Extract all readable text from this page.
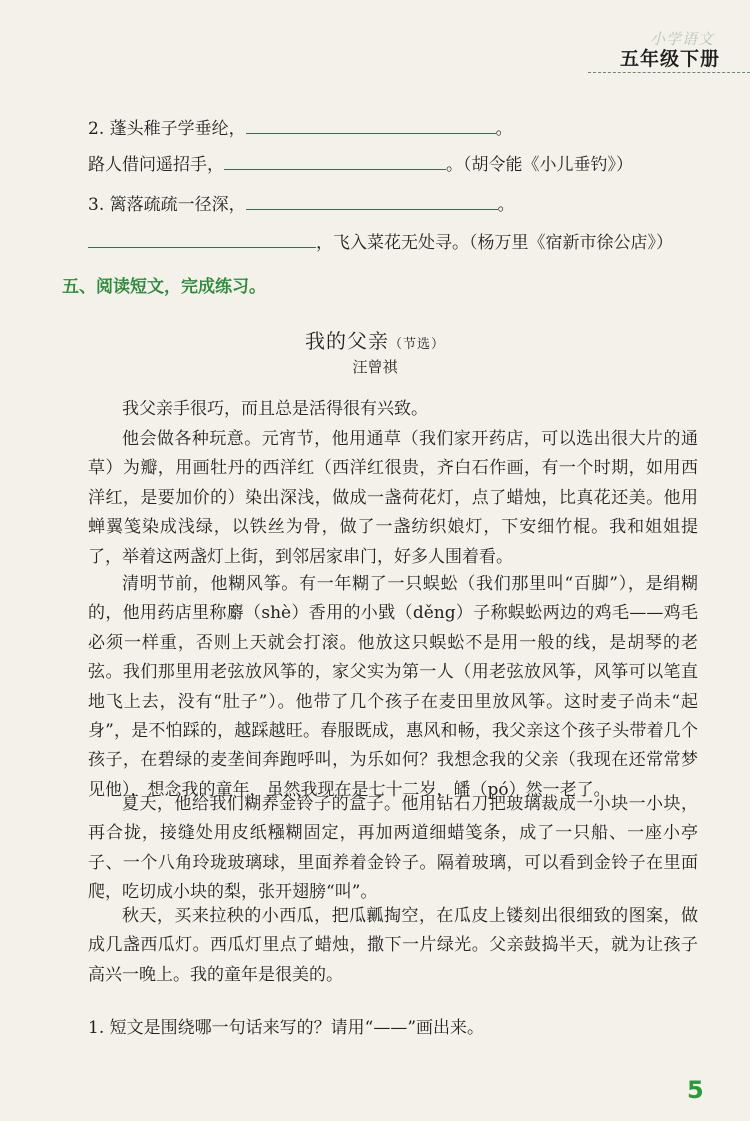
小学语文
五年级下册
2. 蓬头稚子学垂纶，	。
路人借问遥招手，	。（胡令能《小儿垂钓》）
3. 篱落疏疏一径深，	。
，飞入菜花无处寻。（杨万里《宿新市徐公店》）
五、阅读短文，完成练习。
我的父亲（节选）
汪曾祺
我父亲手很巧，而且总是活得很有兴致。
他会做各种玩意。元宵节，他用通草（我们家开药店，可以选出很大片的通草）为瓣，用画牡丹的西洋红（西洋红很贵，齐白石作画，有一个时期，如用西洋红，是要加价的）染出深浅，做成一盏荷花灯，点了蜡烛，比真花还美。他用蝉翼笺染成浅绿，以铁丝为骨，做了一盏纺织娘灯，下安细竹棍。我和姐姐提了，举着这两盏灯上街，到邻居家串门，好多人围着看。
清明节前，他糊风筝。有一年糊了一只蜈蚣（我们那里叫“百脚”），是绢糊的，他用药店里称麝（shè）香用的小戥（děng）子称蜈蚣两边的鸡毛——鸡毛必须一样重，否则上天就会打滚。他放这只蜈蚣不是用一般的线，是胡琴的老弦。我们那里用老弦放风筝的，家父实为第一人（用老弦放风筝，风筝可以笔直地飞上去，没有“肚子”）。他带了几个孩子在麦田里放风筝。这时麦子尚未“起身”，是不怕踩的，越踩越旺。春服既成，惠风和畅，我父亲这个孩子头带着几个孩子，在碧绿的麦垄间奔跑呼叫，为乐如何？我想念我的父亲（我现在还常常梦见他），想念我的童年，虽然我现在是七十二岁，皤（pó）然一老了。
夏天，他给我们糊养金铃子的盒子。他用钻石刀把玻璃裁成一小块一小块，再合拢，接缝处用皮纸糨糊固定，再加两道细蜡笺条，成了一只船、一座小亭子、一个八角玲珑玻璃球，里面养着金铃子。隔着玻璃，可以看到金铃子在里面爬，吃切成小块的梨，张开翅膀“叫”。
秋天，买来拉秧的小西瓜，把瓜瓤掏空，在瓜皮上镂刻出很细致的图案，做成几盏西瓜灯。西瓜灯里点了蜡烛，撒下一片绿光。父亲鼓捣半天，就为让孩子高兴一晚上。我的童年是很美的。
1. 短文是围绕哪一句话来写的？请用“——”画出来。
5
